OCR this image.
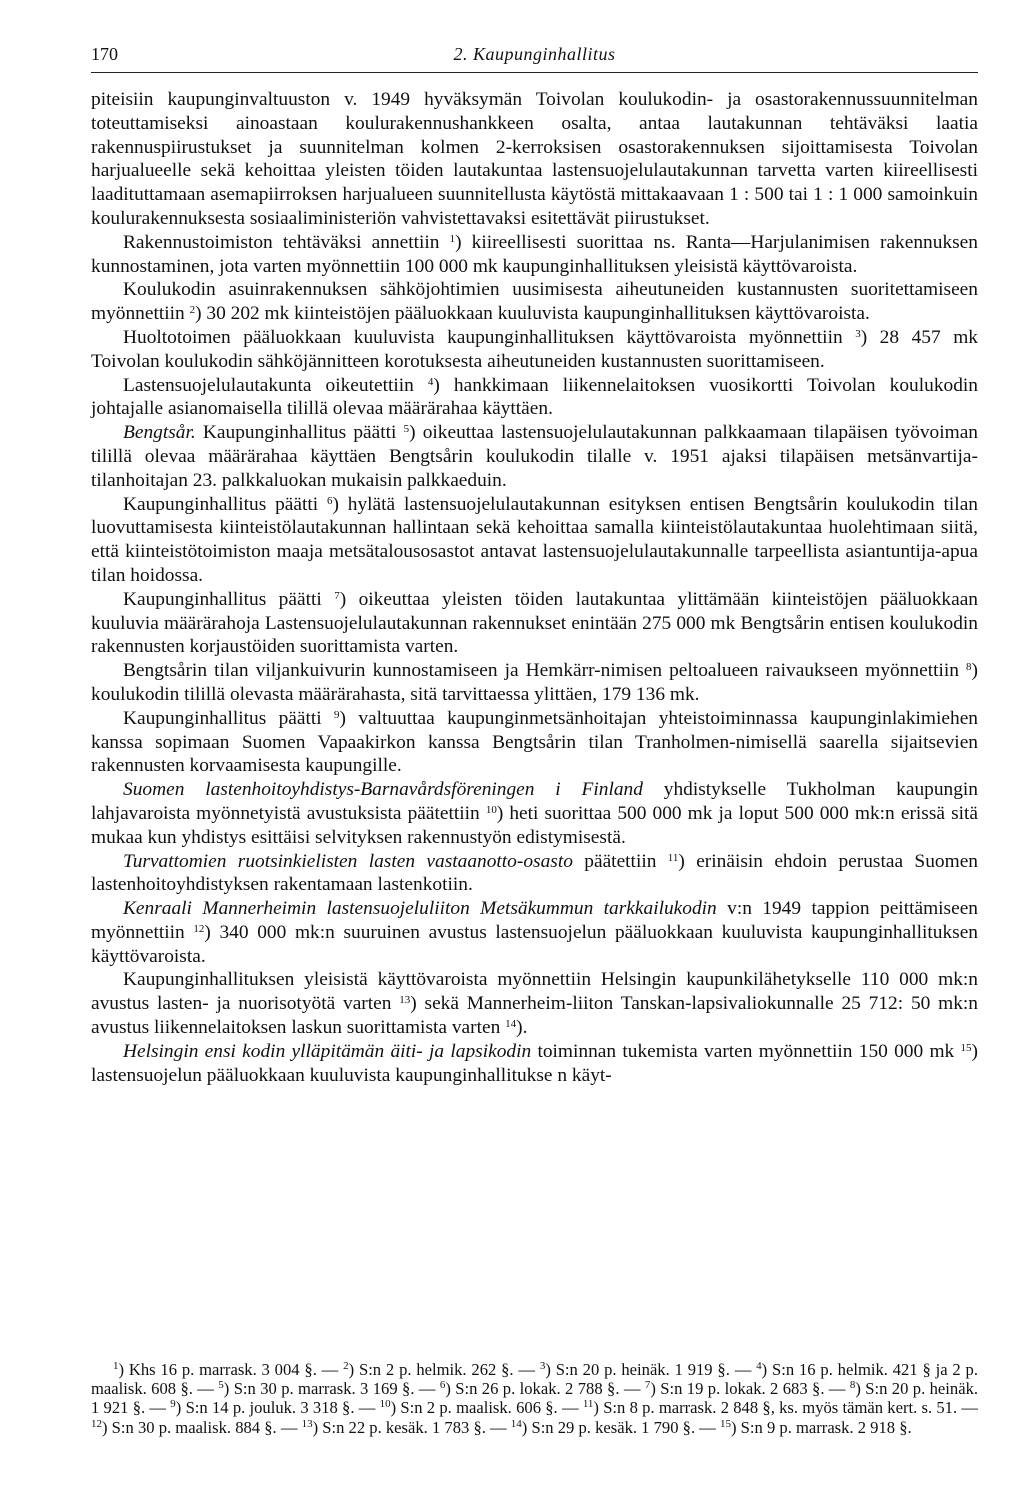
170	2. Kaupunginhallitus

piteisiin kaupunginvaltuuston v. 1949 hyväksymän Toivolan koulukodin- ja osastorakennussuunnitelman toteuttamiseksi ainoastaan koulurakennushankkeen osalta, antaa lautakunnan tehtäväksi laatia rakennuspiirustukset ja suunnitelman kolmen 2-kerroksisen osastorakennuksen sijoittamisesta Toivolan harjualueelle sekä kehoittaa yleisten töiden lautakuntaa lastensuojelulautakunnan tarvetta varten kiireellisesti laadituttamaan asemapiirroksen harjualueen suunnitellusta käytöstä mittakaavaan 1 : 500 tai 1 : 1 000 samoinkuin koulurakennuksesta sosiaaliministeriön vahvistettavaksi esitettävät piirustukset.

Rakennustoimiston tehtäväksi annettiin $^1$) kiireellisesti suorittaa ns. Ranta—Harjulanimisen rakennuksen kunnostaminen, jota varten myönnettiin 100 000 mk kaupunginhallituksen yleisistä käyttövaroista.

Koulukodin asuinrakennuksen sähköjohtimien uusimisesta aiheutuneiden kustannusten suoritettamiseen myönnettiin $^2$) 30 202 mk kiinteistöjen pääluokkaan kuuluvista kaupunginhallituksen käyttövaroista.

Huoltotoimen pääluokkaan kuuluvista kaupunginhallituksen käyttövaroista myönnettiin $^3$) 28 457 mk Toivolan koulukodin sähköjännitteen korotuksesta aiheutuneiden kustannusten suorittamiseen.

Lastensuojelulautakunta oikeutettiin $^4$) hankkimaan liikennelaitoksen vuosikortti Toivolan koulukodin johtajalle asianomaisella tilillä olevaa määrärahaa käyttäen.

Bengtsår. Kaupunginhallitus päätti $^5$) oikeuttaa lastensuojelulautakunnan palkkaamaan tilapäisen työvoiman tilillä olevaa määrärahaa käyttäen Bengtsårin koulukodin tilalle v. 1951 ajaksi tilapäisen metsänvartija-tilanhoitajan 23. palkkaluokan mukaisin palkkaeduin.

Kaupunginhallitus päätti $^6$) hylätä lastensuojelulautakunnan esityksen entisen Bengtsårin koulukodin tilan luovuttamisesta kiinteistölautakunnan hallintaan sekä kehoittaa samalla kiinteistölautakuntaa huolehtimaan siitä, että kiinteistötoimiston maaja metsätalousosastot antavat lastensuojelulautakunnalle tarpeellista asiantuntija-apua tilan hoidossa.

Kaupunginhallitus päätti $^7$) oikeuttaa yleisten töiden lautakuntaa ylittämään kiinteistöjen pääluokkaan kuuluvia määrärahoja Lastensuojelulautakunnan rakennukset enintään 275 000 mk Bengtsårin entisen koulukodin rakennusten korjaustöiden suorittamista varten.

Bengtsårin tilan viljankuivurin kunnostamiseen ja Hemkärr-nimisen peltoalueen raivaukseen myönnettiin $^8$) koulukodin tilillä olevasta määrärahasta, sitä tarvittaessa ylittäen, 179 136 mk.

Kaupunginhallitus päätti $^9$) valtuuttaa kaupunginmetsänhoitajan yhteistoiminnassa kaupunginlakimiehen kanssa sopimaan Suomen Vapaakirkon kanssa Bengtsårin tilan Tranholmen-nimisellä saarella sijaitsevien rakennusten korvaamisesta kaupungille.

Suomen lastenhoitoyhdistys-Barnavårdsföreningen i Finland yhdistykselle Tukholman kaupungin lahjavaroista myönnetyistä avustuksista päätettiin $^{10}$) heti suorittaa 500 000 mk ja loput 500 000 mk:n erissä sitä mukaa kun yhdistys esittäisi selvityksen rakennustyön edistymisestä.

Turvattomien ruotsinkielisten lasten vastaanotto-osasto päätettiin $^{11}$) erinäisin ehdoin perustaa Suomen lastenhoitoyhdistyksen rakentamaan lastenkotiin.

Kenraali Mannerheimin lastensuojeluliiton Metsäkummun tarkkailukodin v:n 1949 tappion peittämiseen myönnettiin $^{12}$) 340 000 mk:n suuruinen avustus lastensuojelun pääluokkaan kuuluvista kaupunginhallituksen käyttövaroista.

Kaupunginhallituksen yleisistä käyttövaroista myönnettiin Helsingin kaupunkilähetykselle 110 000 mk:n avustus lasten- ja nuorisotyötä varten $^{13}$) sekä Mannerheim-liiton Tanskan-lapsivaliokunnalle 25 712: 50 mk:n avustus liikennelaitoksen laskun suorittamista varten $^{14}$).

Helsingin ensi kodin ylläpitämän äiti- ja lapsikodin toiminnan tukemista varten myönnettiin 150 000 mk $^{15}$) lastensuojelun pääluokkaan kuuluvista kaupunginhallitukse n käyt-

$^1$) Khs 16 p. marrask. 3 004 §. — $^2$) S:n 2 p. helmik. 262 §. — $^3$) S:n 20 p. heinäk. 1 919 §. — $^4$) S:n 16 p. helmik. 421 § ja 2 p. maalisk. 608 §. — $^5$) S:n 30 p. marrask. 3 169 §. — $^6$) S:n 26 p. lokak. 2 788 §. — $^7$) S:n 19 p. lokak. 2 683 §. — $^8$) S:n 20 p. heinäk. 1 921 §. — $^9$) S:n 14 p. jouluk. 3 318 §. — $^{10}$) S:n 2 p. maalisk. 606 §. — $^{11}$) S:n 8 p. marrask. 2 848 §, ks. myös tämän kert. s. 51. — $^{12}$) S:n 30 p. maalisk. 884 §. — $^{13}$) S:n 22 p. kesäk. 1 783 §. — $^{14}$) S:n 29 p. kesäk. 1 790 §. — $^{15}$) S:n 9 p. marrask. 2 918 §.
